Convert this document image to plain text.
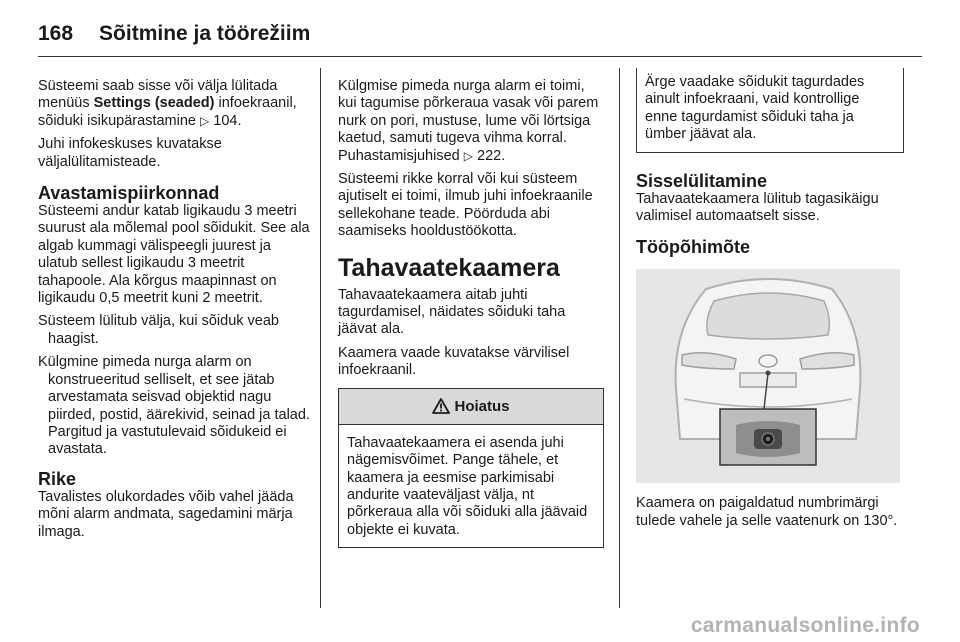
168 Sõitmine ja töörežiim

Süsteemi saab sisse või välja lülitada menüüs Settings (seaded) infoekraanil, sõiduki isikupärastamine ▷ 104.

Juhi infokeskuses kuvatakse väljalülitamisteade.

Avastamispiirkonnad

Süsteemi andur katab ligikaudu 3 meetri suurust ala mõlemal pool sõidukit. See ala algab kummagi välispeegli juurest ja ulatub sellest ligikaudu 3 meetrit tahapoole. Ala kõrgus maapinnast on ligikaudu 0,5 meetrit kuni 2 meetrit.

Süsteem lülitub välja, kui sõiduk veab haagist.

Külgmine pimeda nurga alarm on konstrueeritud selliselt, et see jätab arvestamata seisvad objektid nagu piirded, postid, äärekivid, seinad ja talad. Pargitud ja vastutulevaid sõidukeid ei avastata.

Rike

Tavalistes olukordades võib vahel jääda mõni alarm andmata, sagedamini märja ilmaga.

Külgmise pimeda nurga alarm ei toimi, kui tagumise põrkeraua vasak või parem nurk on pori, mustuse, lume või lörtsiga kaetud, samuti tugeva vihma korral.
Puhastamisjuhised ▷ 222.

Süsteemi rikke korral või kui süsteem ajutiselt ei toimi, ilmub juhi infoekraanile sellekohane teade. Pöörduda abi saamiseks hooldustöökotta.

Tahavaatekaamera

Tahavaatekaamera aitab juhti tagurdamisel, näidates sõiduki taha jäävat ala.

Kaamera vaade kuvatakse värvilisel infoekraanil.

Hoiatus

Tahavaatekaamera ei asenda juhi nägemisvõimet. Pange tähele, et kaamera ja eesmise parkimisabi andurite vaateväljast välja, nt põrkeraua alla või sõiduki alla jäävaid objekte ei kuvata.

Ärge vaadake sõidukit tagurdades ainult infoekraani, vaid kontrollige enne tagurdamist sõiduki taha ja ümber jäävat ala.

Sisselülitamine

Tahavaatekaamera lülitub tagasikäigu valimisel automaatselt sisse.

Tööpõhimõte

Kaamera on paigaldatud numbrimärgi tulede vahele ja selle vaatenurk on 130°.

carmanualsonline.info
